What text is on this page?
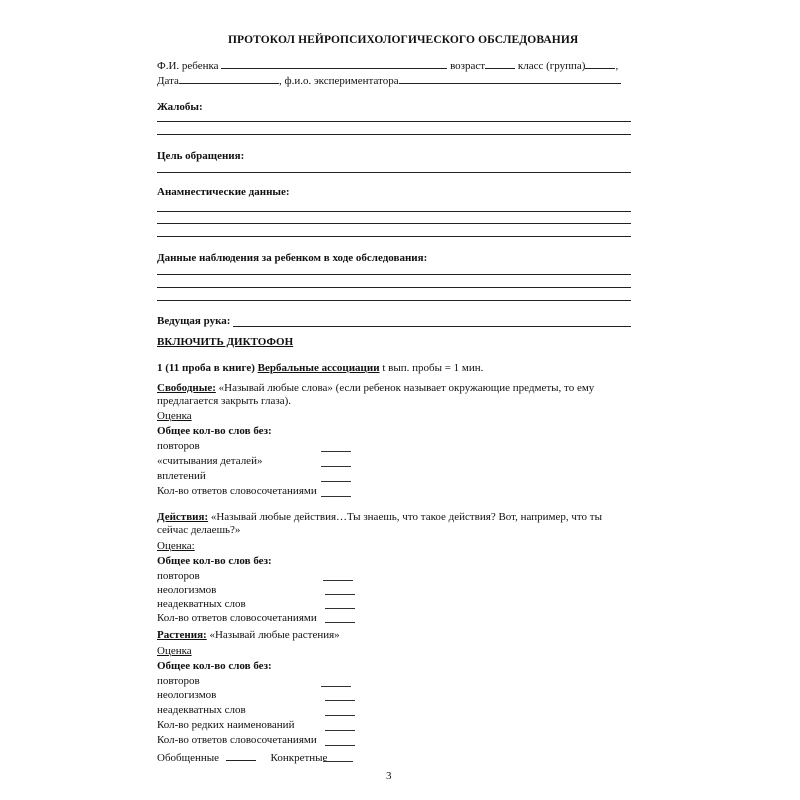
ПРОТОКОЛ НЕЙРОПСИХОЛОГИЧЕСКОГО ОБСЛЕДОВАНИЯ
Ф.И. ребенка	возраст	класс (группа)	,
Дата	, ф.и.о. экспериментатора
Жалобы:
Цель обращения:
Анамнестические данные:
Данные наблюдения за ребенком в ходе обследования:
Ведущая рука:
ВКЛЮЧИТЬ ДИКТОФОН
1 (11 проба в книге) Вербальные ассоциации t вып. пробы = 1 мин.
Свободные: «Называй любые слова» (если ребенок называет окружающие предметы, то ему
предлагается закрыть глаза).
Оценка
Общее кол-во слов без:
повторов
«считывания деталей»
вплетений
Кол-во ответов словосочетаниями
Действия: «Называй любые действия…Ты знаешь, что такое действия? Вот, например, что ты
сейчас делаешь?»
Оценка:
Общее кол-во слов без:
повторов
неологизмов
неадекватных слов
Кол-во ответов словосочетаниями
Растения: «Называй любые растения»
Оценка
Общее кол-во слов без:
повторов
неологизмов
неадекватных слов
Кол-во редких наименований
Кол-во ответов словосочетаниями
Обобщенные	Конкретные
3
